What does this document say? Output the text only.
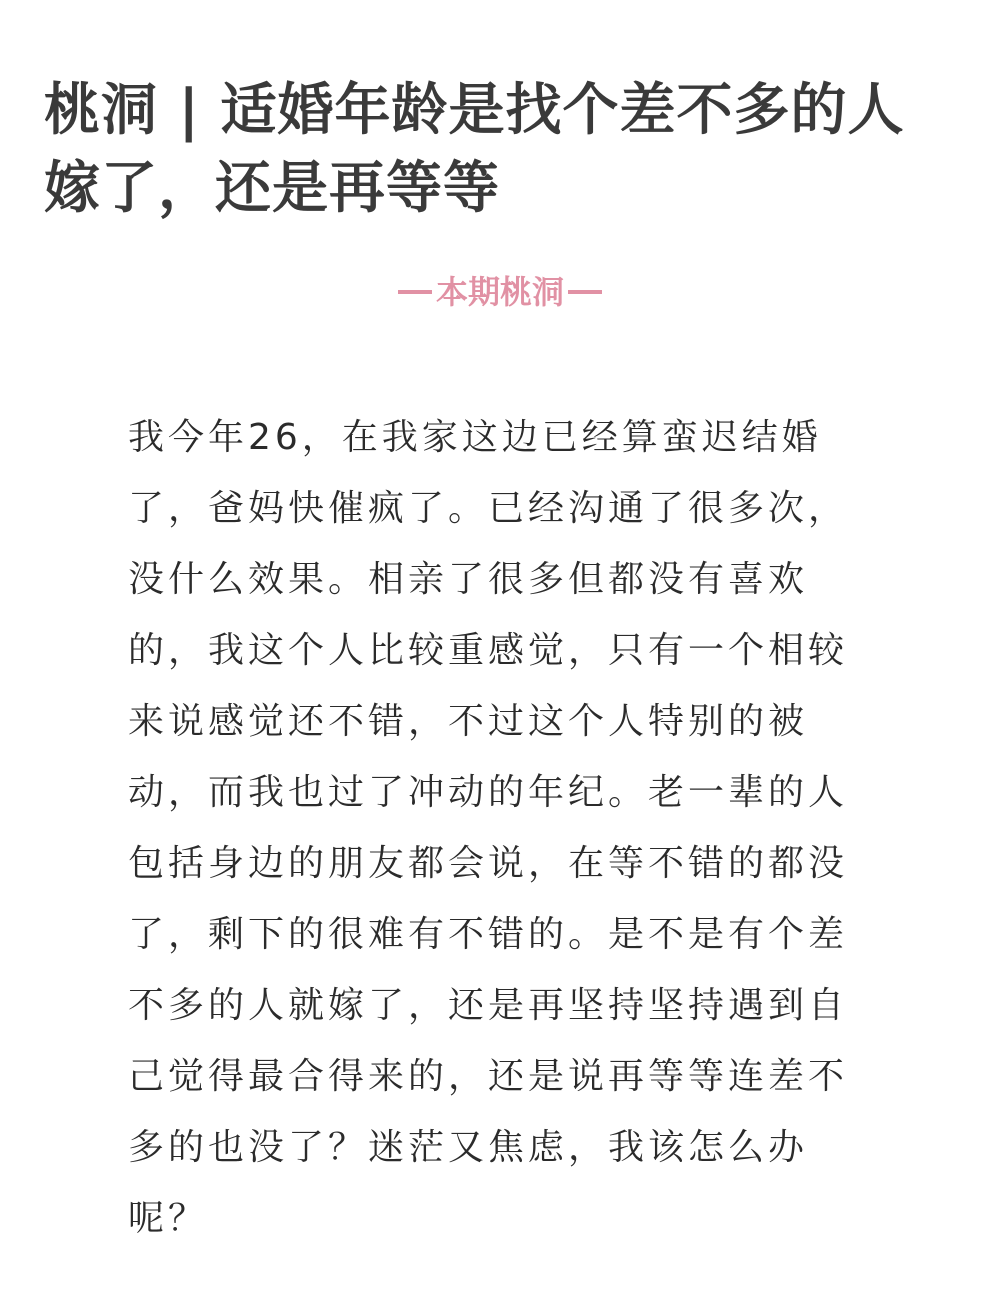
桃洞 | 适婚年龄是找个差不多的人
嫁了，还是再等等
本期桃洞
我今年26，在我家这边已经算蛮迟结婚
了，爸妈快催疯了。已经沟通了很多次，
没什么效果。相亲了很多但都没有喜欢
的，我这个人比较重感觉，只有一个相较
来说感觉还不错，不过这个人特别的被
动，而我也过了冲动的年纪。老一辈的人
包括身边的朋友都会说，在等不错的都没
了，剩下的很难有不错的。是不是有个差
不多的人就嫁了，还是再坚持坚持遇到自
己觉得最合得来的，还是说再等等连差不
多的也没了？迷茫又焦虑，我该怎么办
呢？
